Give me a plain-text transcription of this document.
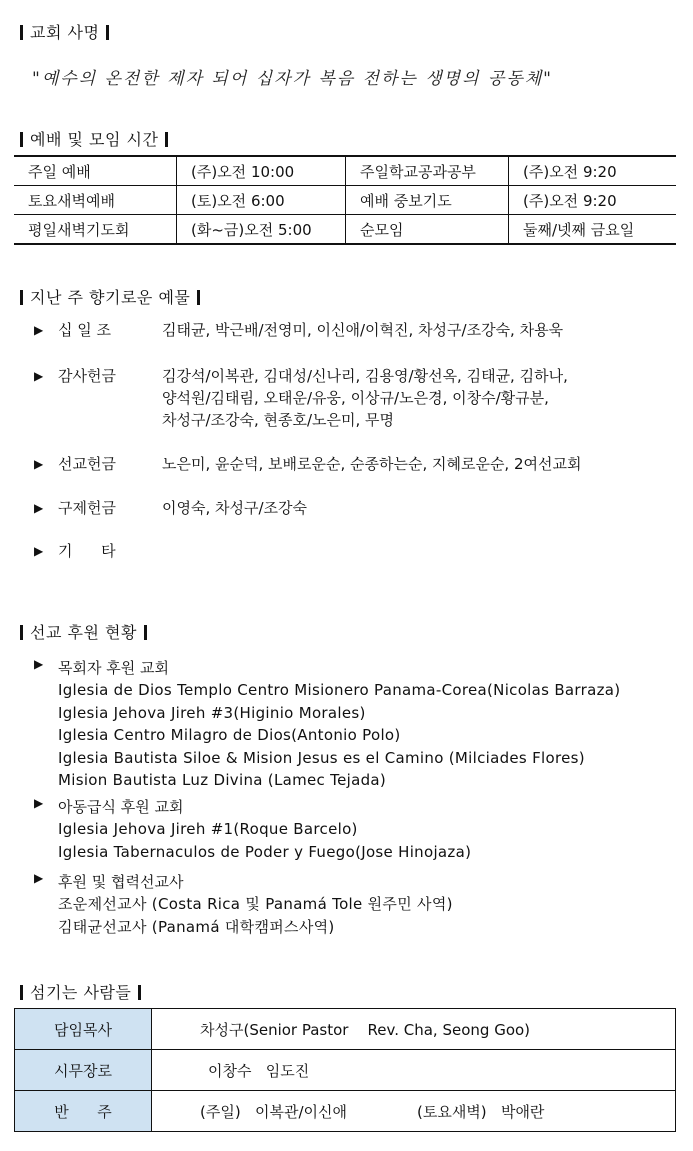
교회 사명
"예수의 온전한 제자 되어 십자가 복음 전하는 생명의 공동체"
예배 및 모임 시간
주일 예배	(주)오전 10:00	주일학교공과공부	(주)오전 9:20
토요새벽예배	(토)오전 6:00	예배 중보기도	(주)오전 9:20
평일새벽기도회	(화~금)오전 5:00	순모임	둘째/넷째 금요일
지난 주 향기로운 예물
▶ 십 일 조	김태균, 박근배/전영미, 이신애/이혁진, 차성구/조강숙, 차용욱
▶ 감사헌금	김강석/이복관, 김대성/신나리, 김용영/황선옥, 김태균, 김하나,
양석원/김태림, 오태운/유웅, 이상규/노은경, 이창수/황규분,
차성구/조강숙, 현종호/노은미, 무명
▶ 선교헌금	노은미, 윤순덕, 보배로운순, 순종하는순, 지혜로운순, 2여선교회
▶ 구제헌금	이영숙, 차성구/조강숙
▶ 기      타
선교 후원 현황
▶ 목회자 후원 교회
Iglesia de Dios Templo Centro Misionero Panama-Corea(Nicolas Barraza)
Iglesia Jehova Jireh #3(Higinio Morales)
Iglesia Centro Milagro de Dios(Antonio Polo)
Iglesia Bautista Siloe & Mision Jesus es el Camino (Milciades Flores)
Mision Bautista Luz Divina (Lamec Tejada)
▶ 아동급식 후원 교회
Iglesia Jehova Jireh #1(Roque Barcelo)
Iglesia Tabernaculos de Poder y Fuego(Jose Hinojaza)
▶ 후원 및 협력선교사
조운제선교사 (Costa Rica 및 Panamá Tole 원주민 사역)
김태균선교사 (Panamá 대학캠퍼스사역)
섬기는 사람들
담임목사	차성구(Senior Pastor    Rev. Cha, Seong Goo)
시무장로	이창수   임도진
반      주	(주일)   이복관/이신애 (토요새벽)   박애란
